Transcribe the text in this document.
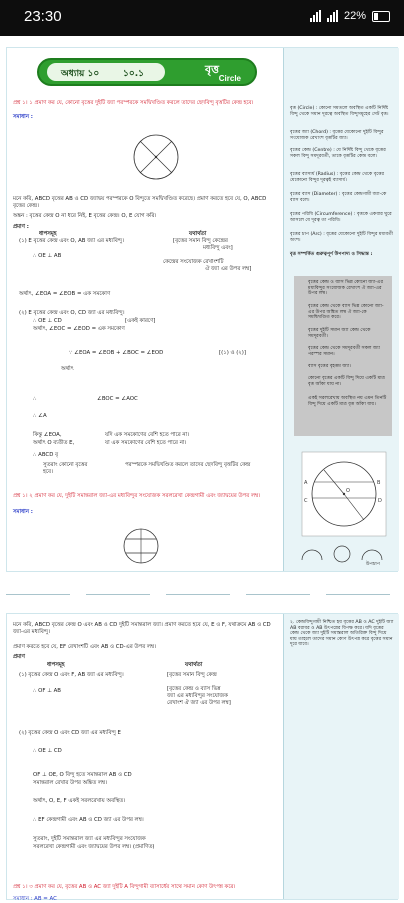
23:30	22%
অধ্যায় ১০	১০.১	বৃত্ত
Circle
প্রশ্ন ১। ১ প্রমাণ কর যে, কোনো বৃত্তের দুইটি জ্যা পরস্পরকে সমদ্বিখণ্ডিত করলে তাদের ছেদবিন্দু বৃত্তটির কেন্দ্র হবে।
সমাধান :
মনে করি, ABCD বৃত্তের AB ও CD জ্যাদ্বয় পরস্পরকে O বিন্দুতে সমদ্বিখণ্ডিত করেছে। প্রমাণ করতে হবে যে, O, ABCD বৃত্তের কেন্দ্র।
অঙ্কন : বৃত্তের কেন্দ্র O না ধরে নিই, E বৃত্তের কেন্দ্র। O, E যোগ করি।
প্রমাণ :
ধাপসমূহ	যথার্থতা
(১) E বৃত্তের কেন্দ্র এবং O, AB জ্যা এর মধ্যবিন্দু।	[বৃত্তের সমান বিন্দু কেন্দ্রের
মধ্যবিন্দু এবং]
∴ OE ⊥ AB
কেন্দ্রের সংযোজক রেখাংশটি
ঐ জ্যা এর উপর লম্ব]
অর্থাৎ, ∠EOA = ∠EOB = এক সমকোণ
(২) E বৃত্তের কেন্দ্র এবং O, CD জ্যা এর মধ্যবিন্দু।
∴ OE ⊥ CD	[একই কারণে]
অর্থাৎ, ∠EOC = ∠EOD = এক সমকোণ
∵ ∠EOA = ∠EOB + ∠BOC = ∠EOD	[(১) ও (২)]
অর্থাৎ
∴	∠BOC = ∠AOC
∴ ∠A
কিন্তু ∠EOA,	যদি এক সমকোণের বেশি হতে পারে না।
অর্থাৎ O ব্যতীত E,	যা এক সমকোণের বেশি হতে পারে না।
∴ ABCD বৃ
সুতরাং কোনো বৃত্তের	পরস্পরকে সমদ্বিখণ্ডিত করলে তাদের ছেদবিন্দু বৃত্তটির কেন্দ্র
হবে।
প্রশ্ন ১। ২ প্রমাণ কর যে, দুইটি সমান্তরাল জ্যা-এর মধ্যবিন্দুর সংযোজক সরলরেখা কেন্দ্রগামী এবং জ্যাদ্বয়ের উপর লম্ব।
সমাধান :
বৃত্ত (Circle) : কোনো সমতলে অবস্থিত একটি নির্দিষ্ট বিন্দু থেকে সমান দূরত্বে অবস্থিত বিন্দুসমূহের সেট বৃত্ত।
বৃত্তের জ্যা (Chord) : বৃত্তের যেকোনো দুইটি বিন্দুর সংযোজক রেখাংশ বৃত্তটির জ্যা।
বৃত্তের কেন্দ্র (Centre) : যে নির্দিষ্ট বিন্দু থেকে বৃত্তের সকল বিন্দু সমদূরবর্তী, তাকে বৃত্তটির কেন্দ্র বলে।
বৃত্তের ব্যাসার্ধ (Radius) : বৃত্তের কেন্দ্র থেকে বৃত্তের যেকোনো বিন্দুর দূরত্বই ব্যাসার্ধ।
বৃত্তের ব্যাস (Diameter) : বৃত্তের কেন্দ্রগামী জ্যা-কে ব্যাস বলে।
বৃত্তের পরিধি (Circumference) : বৃত্তকে একবার ঘুরে আসলে যে দূরত্ব তা পরিধি।
বৃত্তের চাপ (Arc) : বৃত্তের যেকোনো দুইটি বিন্দুর মধ্যবর্তী অংশ।
বৃত্ত সম্পর্কিত গুরুত্বপূর্ণ উপপাদ্য ও সিদ্ধান্ত :
বৃত্তের কেন্দ্র ও ব্যাস ভিন্ন কোনো জ্যা-এর মধ্যবিন্দুর সংযোজক রেখাংশ ঐ জ্যা-এর উপর লম্ব।
বৃত্তের কেন্দ্র থেকে ব্যাস ভিন্ন কোনো জ্যা-এর উপর অঙ্কিত লম্ব ঐ জ্যা-কে সমদ্বিখণ্ডিত করে।
বৃত্তের দুইটি সমান জ্যা কেন্দ্র থেকে সমদূরবর্তী।
বৃত্তের কেন্দ্র থেকে সমদূরবর্তী সকল জ্যা পরস্পর সমান।
ব্যাস বৃত্তের বৃহত্তম জ্যা।
কোনো বৃত্তের একটি বিন্দু দিয়ে একটি মাত্র বৃত্ত আঁকা যায় না।
একই সরলরেখায় অবস্থিত নয় এমন তিনটি বিন্দু দিয়ে একটি মাত্র বৃত্ত আঁকা যায়।
A	B
C	D
O
উপচাপ
মনে করি, ABCD বৃত্তের কেন্দ্র O এবং AB ও CD দুইটি সমান্তরাল জ্যা। প্রমাণ করতে হবে যে, E ও F, যথাক্রমে AB ও CD জ্যা-এর মধ্যবিন্দু।
প্রমাণ করতে হবে যে, EF রেখাংশটি এবং AB ও CD-এর উপর লম্ব।
প্রমাণ
ধাপসমূহ	যথার্থতা
(১) বৃত্তের কেন্দ্র O এবং F, AB জ্যা এর মধ্যবিন্দু।	[বৃত্তের সমান বিন্দু কেন্দ্র
∴ OF ⊥ AB	[বৃত্তের কেন্দ্র ও ব্যাস ভিন্ন
জ্যা এর মধ্যবিন্দুর সংযোজক
রেখাংশ ঐ জ্যা এর উপর লম্ব]
(২) বৃত্তের কেন্দ্র O এবং CD জ্যা এর মধ্যবিন্দু E
∴ OE ⊥ CD
OF ⊥ OE, O বিন্দু হতে সমান্তরাল AB ও CD
সমান্তরাল রেখার উপর অঙ্কিত লম্ব।
অর্থাৎ, O, E, F একই সরলরেখায় অবস্থিত।
∴ EF কেন্দ্রগামী এবং AB ও CD জ্যা এর উপর লম্ব।
সুতরাং, দুইটি সমান্তরাল জ্যা এর মধ্যবিন্দুর সংযোজক
সরলরেখা কেন্দ্রগামী এবং জ্যাদ্বয়ের উপর লম্ব। (প্রমাণিত)
প্রশ্ন ১। ৩ প্রমাণ কর যে, বৃত্তের AB ও AC জ্যা দুইটি A বিন্দুগামী ব্যাসার্ধের সাথে সমান কোণ উৎপন্ন করে।
সমাধান : AB = AC
২. কেন্দ্রবিন্দুগামী নিশ্চিত হয় বৃত্তের AB ও AC দুইটি জ্যা AB বরাবর ও AB উৎপন্নের বিপক্ষ করে। যদি বৃত্তের কেন্দ্র থেকে জ্যা দুইটি সমান্তরাল অতিরিক্ত বিন্দু দিয়ে যায় তাহলে তাদের সমান কোণ উৎপন্ন করে বৃত্তের সমান দূরে যাবে।
